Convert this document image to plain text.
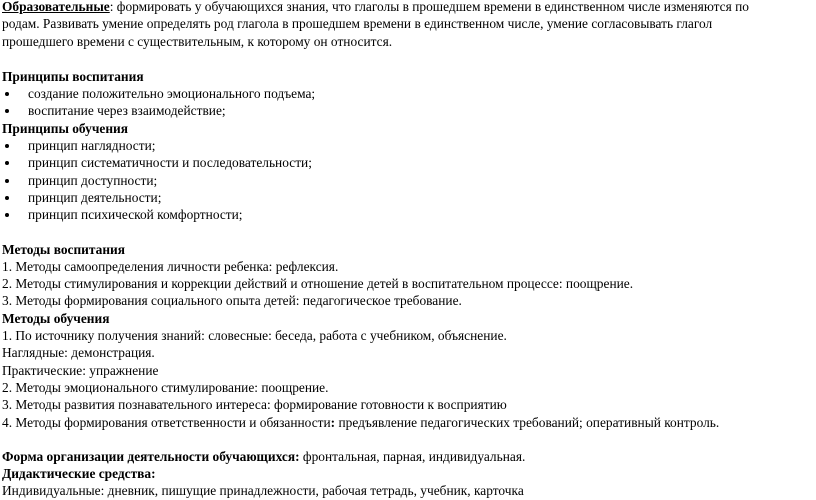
Образовательные: формировать у обучающихся знания, что глаголы в прошедшем времени в единственном числе изменяются по

родам. Развивать умение определять род глагола в прошедшем времени в единственном числе, умение согласовывать глагол

прошедшего времени с существительным, к которому он относится.

Принципы воспитания

создание положительно эмоционального подъема;
воспитание через взаимодействие;

Принципы обучения

принцип наглядности;
принцип систематичности и последовательности;
принцип доступности;
принцип деятельности;
принцип психической комфортности;

Методы воспитания

1. Методы самоопределения личности ребенка: рефлексия.

2. Методы стимулирования и коррекции действий и отношение детей в воспитательном процессе: поощрение.

3. Методы формирования социального опыта детей: педагогическое требование.

Методы обучения

1. По источнику получения знаний: словесные: беседа, работа с учебником, объяснение.

Наглядные: демонстрация.

Практические: упражнение

2. Методы эмоционального стимулирование: поощрение.

3. Методы развития познавательного интереса: формирование готовности к восприятию

4. Методы формирования ответственности и обязанности: предъявление педагогических требований; оперативный контроль.

Форма организации деятельности обучающихся: фронтальная, парная, индивидуальная.

Дидактические средства:

Индивидуальные: дневник, пишущие принадлежности, рабочая тетрадь, учебник, карточка
